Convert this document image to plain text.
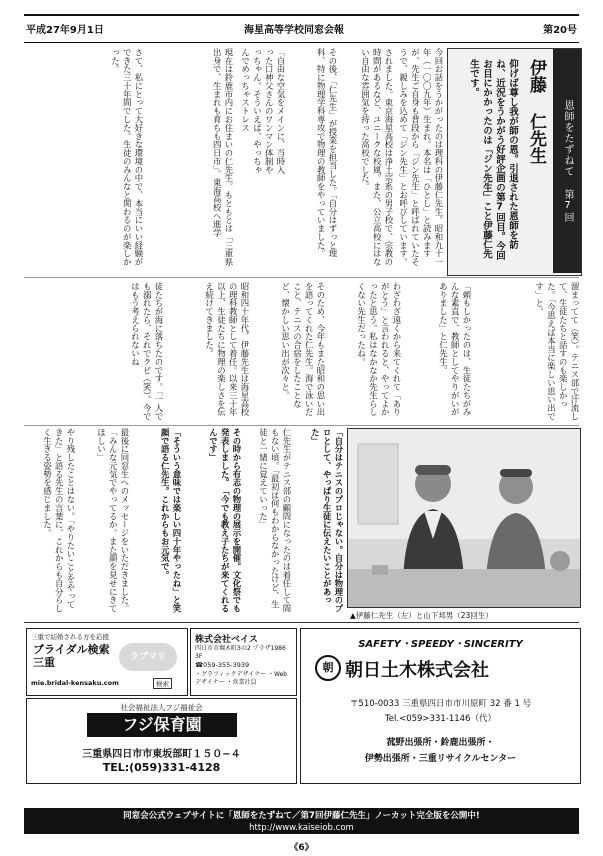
平成27年9月1日	海星高等学校同窓会報	第20号
恩師をたずねて 第7回
伊藤 仁先生
仰げば尊し我が師の恩。引退された恩師を訪ね、近況をうかがう好評企画の第7回目。今回お目にかかったのは「ジン先生」こと伊藤仁先生です。
今回お話をうかがったのは理科の伊藤仁先生。昭和九十一年（一〇〇九年）生まれ。本名は「ひとし」と読みますが、先生ご自身も普段から「ジン先生」と呼ばれていたそうで、親しみを込めて「ジン先生」とお呼びしています。
されました。東京海星高校は浄土宗系の男子校で、宗教の時間があるなど、ユニークな校風。また、公立高校にはない自由な雰囲気を持った高校でした。
その後、「仁先生」が授業を担当した。「自分はずっと理科、特に物理学科専攻で物理の教師をやっていました。
「自由な空気をメインに、当時入った口神父さんのワンマン体制やっちゃん。そういえば、やっちゃんでめっちゃストレス
現在は鈴鹿市内にお住まいの仁先生。もともとは「三重県出身で、生まれも育ちも四日市」。東海高校へ進学
さて、私にとって大好きな環境の中で、本当にいい経験ができた三十年間でした。生徒のみんなと関わるのが楽しかった。
溜まってて（笑）。テニス部で汗流して、生徒たちと話すのも楽しかった。「今思えば本当に楽しい思い出です」と。
「頼もしかったのは、生徒たちがみんな素直で、教師としてやりがいがありました」と仁先生。
わざわざ遠くから来てくれて「ありがとう」と言われると、やってよかったと思う。私はなかなか先生らしくない先生だったね。
そのため、今年もまた昭和の思い出を語ってくれた仁先生。海で泳いだこと、テニスの合宿をしたことなど、懐かしい思い出が次々と。
昭和四十年代、伊藤先生は海星高校の理科教師として着任。以来三十年以上、生徒たちに物理の楽しさを伝え続けてきました。
徒たちが海に落ちたのです。「一人でも溺れたら、それでクビ（笑）。今ではもう考えられないね
「自分はテニスのプロじゃない。自分は物理のプロとして、やっぱり生徒に伝えたいことがあった」
仁先生がテニス部の顧問になったのは着任して間もない頃。「最初は何もわからなかったけど、生徒と一緒に覚えていった」
その時から有志の物理の展示を開催。文化祭でも発表しました。「今でも教え子たちが来てくれるんです」
「そういう意味では楽しい四十年やったね」と笑顔で語る仁先生。これからもお元気で。
最後に同窓生へのメッセージをいただきました。「みんな元気でやってるか。また顔を見せにきてほしい」
やり残したことはない。「やりたいことをやってきた」と語る先生の言葉に、これからも自分らしく生きる姿勢を感じました。
▲伊藤仁先生（左）と山下邦男（23回生）
三重で結婚される方を応援
ブライダル検索三重	ラブマリ
mie.bridal-kensaku.com	検索
株式会社ベイス
四日市市堀木町3の2 プラザ1986 3F
☎059-355-3939
・グラフィックデザイナー ・Webデザイナー ・営業社員
社会福祉法人フジ福祉会
フジ保育園
三重県四日市市東坂部町１５０−４
TEL:(059)331-4128
SAFETY・SPEEDY・SINCERITY
朝 朝日土木株式会社
〒510-0033 三重県四日市市川原町 32 番 1 号
Tel.<059>331-1146（代）
菰野出張所・鈴鹿出張所・
伊勢出張所・三重リサイクルセンター
同窓会公式ウェブサイトに「恩師をたずねて／第7回伊藤仁先生」ノーカット完全版を公開中!
http://www.kaiseiob.com
《6》
